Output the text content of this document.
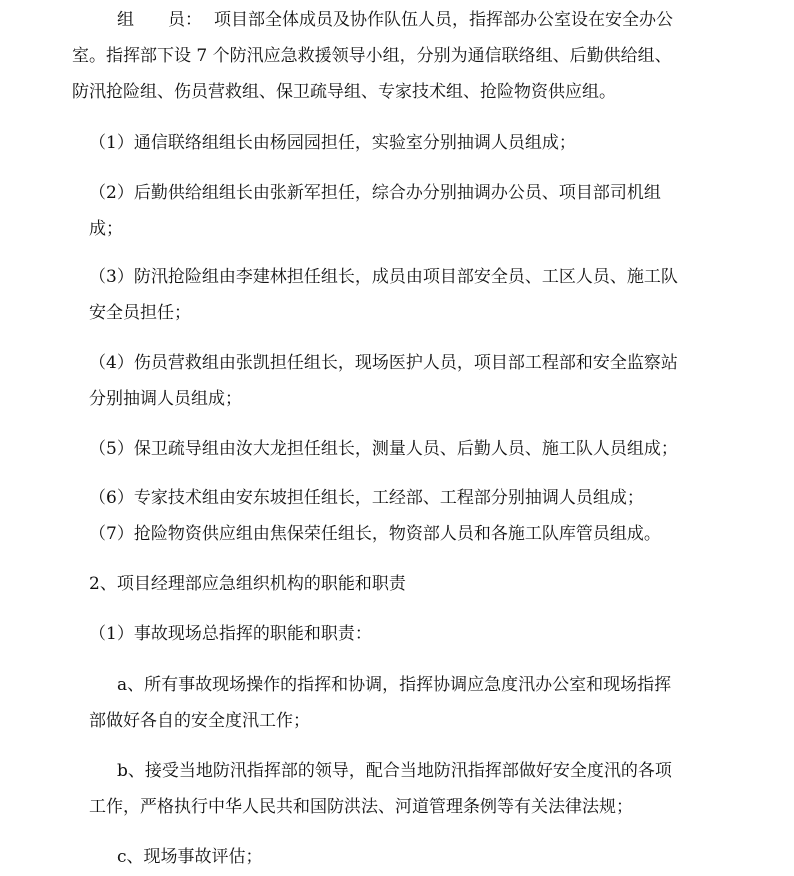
组　　员： 项目部全体成员及协作队伍人员，指挥部办公室设在安全办公
室。指挥部下设 7 个防汛应急救援领导小组，分别为通信联络组、后勤供给组、
防汛抢险组、伤员营救组、保卫疏导组、专家技术组、抢险物资供应组。
（1）通信联络组组长由杨园园担任，实验室分别抽调人员组成；
（2）后勤供给组组长由张新军担任，综合办分别抽调办公员、项目部司机组
成；
（3）防汛抢险组由李建林担任组长，成员由项目部安全员、工区人员、施工队
安全员担任；
（4）伤员营救组由张凯担任组长，现场医护人员，项目部工程部和安全监察站
分别抽调人员组成；
（5）保卫疏导组由汝大龙担任组长，测量人员、后勤人员、施工队人员组成；
（6）专家技术组由安东坡担任组长，工经部、工程部分别抽调人员组成；
（7）抢险物资供应组由焦保荣任组长，物资部人员和各施工队库管员组成。
2、项目经理部应急组织机构的职能和职责
（1）事故现场总指挥的职能和职责：
a、所有事故现场操作的指挥和协调，指挥协调应急度汛办公室和现场指挥
部做好各自的安全度汛工作；
b、接受当地防汛指挥部的领导，配合当地防汛指挥部做好安全度汛的各项
工作，严格执行中华人民共和国防洪法、河道管理条例等有关法律法规；
c、现场事故评估；
